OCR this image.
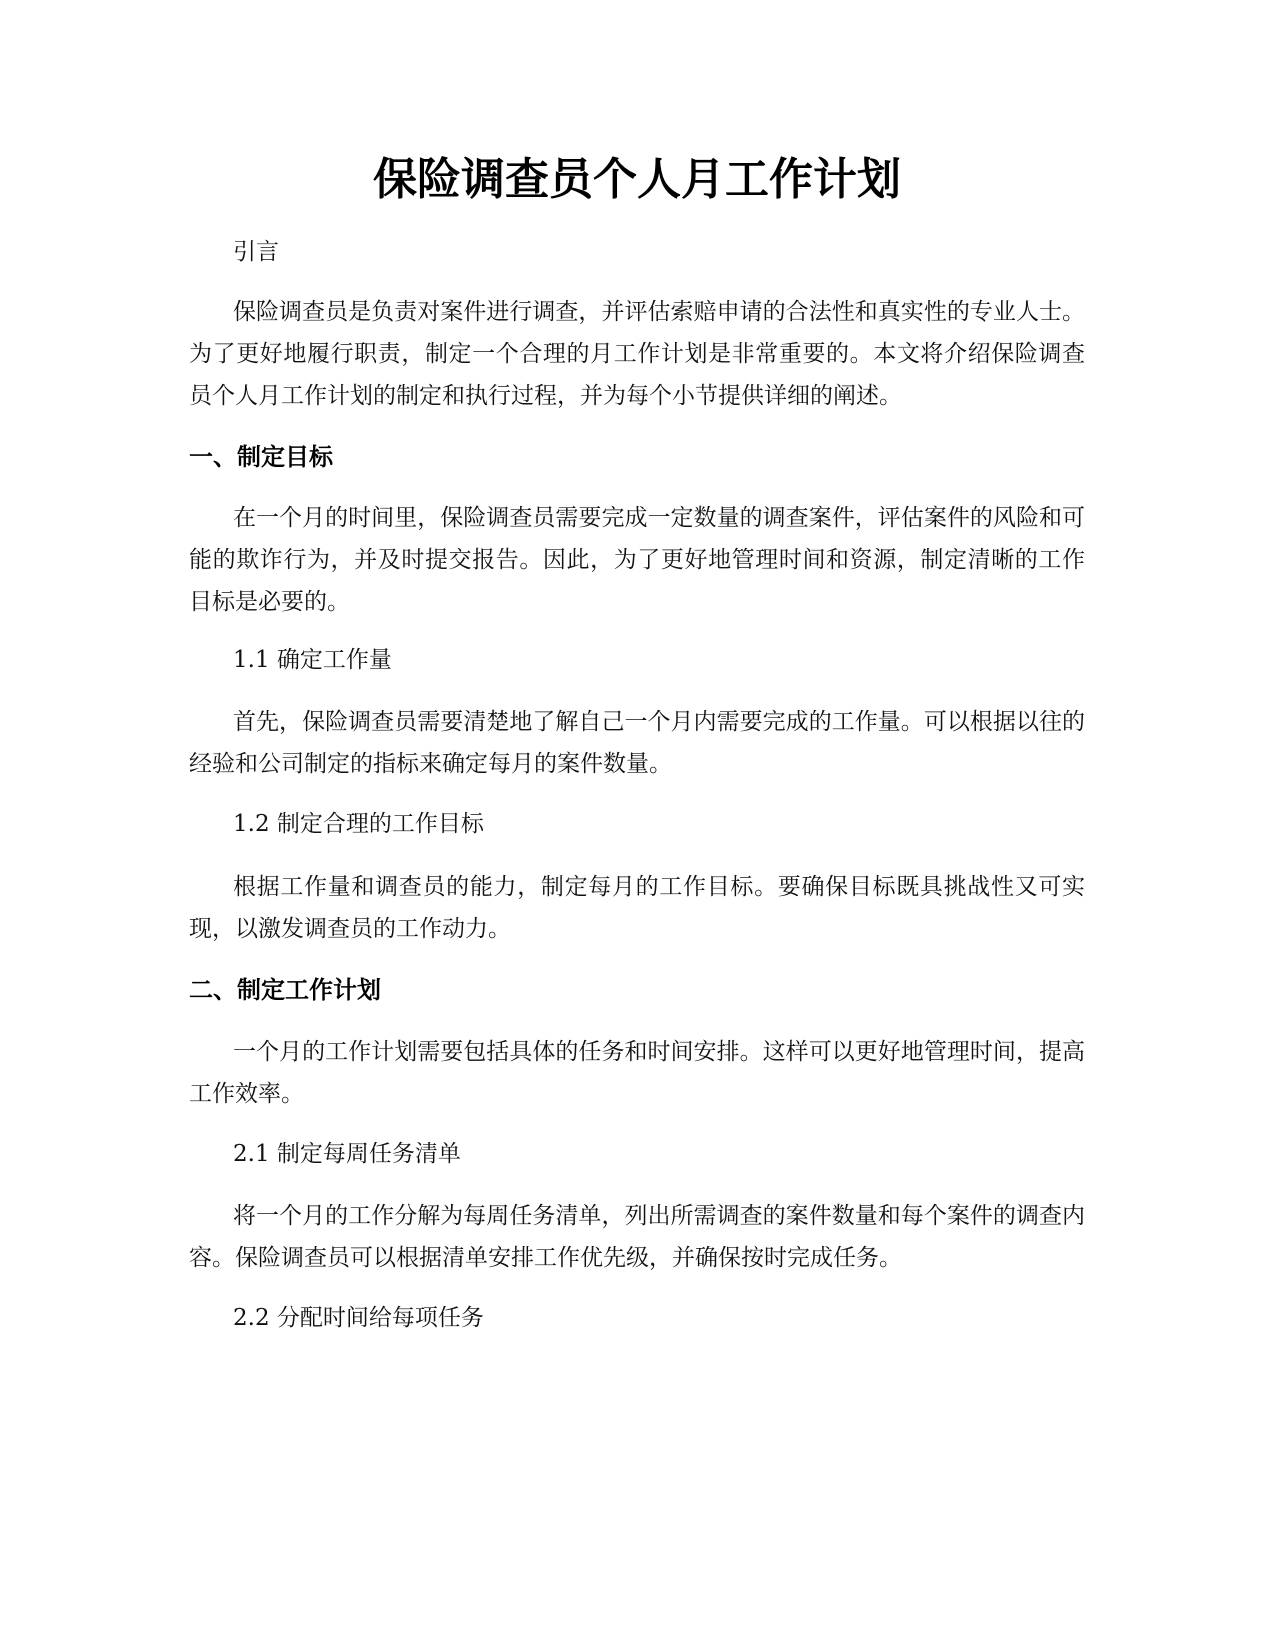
保险调查员个人月工作计划

引言

保险调查员是负责对案件进行调查，并评估索赔申请的合法性和真实性的专业人士。为了更好地履行职责，制定一个合理的月工作计划是非常重要的。本文将介绍保险调查员个人月工作计划的制定和执行过程，并为每个小节提供详细的阐述。

一、制定目标

在一个月的时间里，保险调查员需要完成一定数量的调查案件，评估案件的风险和可能的欺诈行为，并及时提交报告。因此，为了更好地管理时间和资源，制定清晰的工作目标是必要的。

1.1 确定工作量

首先，保险调查员需要清楚地了解自己一个月内需要完成的工作量。可以根据以往的经验和公司制定的指标来确定每月的案件数量。

1.2 制定合理的工作目标

根据工作量和调查员的能力，制定每月的工作目标。要确保目标既具挑战性又可实现，以激发调查员的工作动力。

二、制定工作计划

一个月的工作计划需要包括具体的任务和时间安排。这样可以更好地管理时间，提高工作效率。

2.1 制定每周任务清单

将一个月的工作分解为每周任务清单，列出所需调查的案件数量和每个案件的调查内容。保险调查员可以根据清单安排工作优先级，并确保按时完成任务。

2.2 分配时间给每项任务
